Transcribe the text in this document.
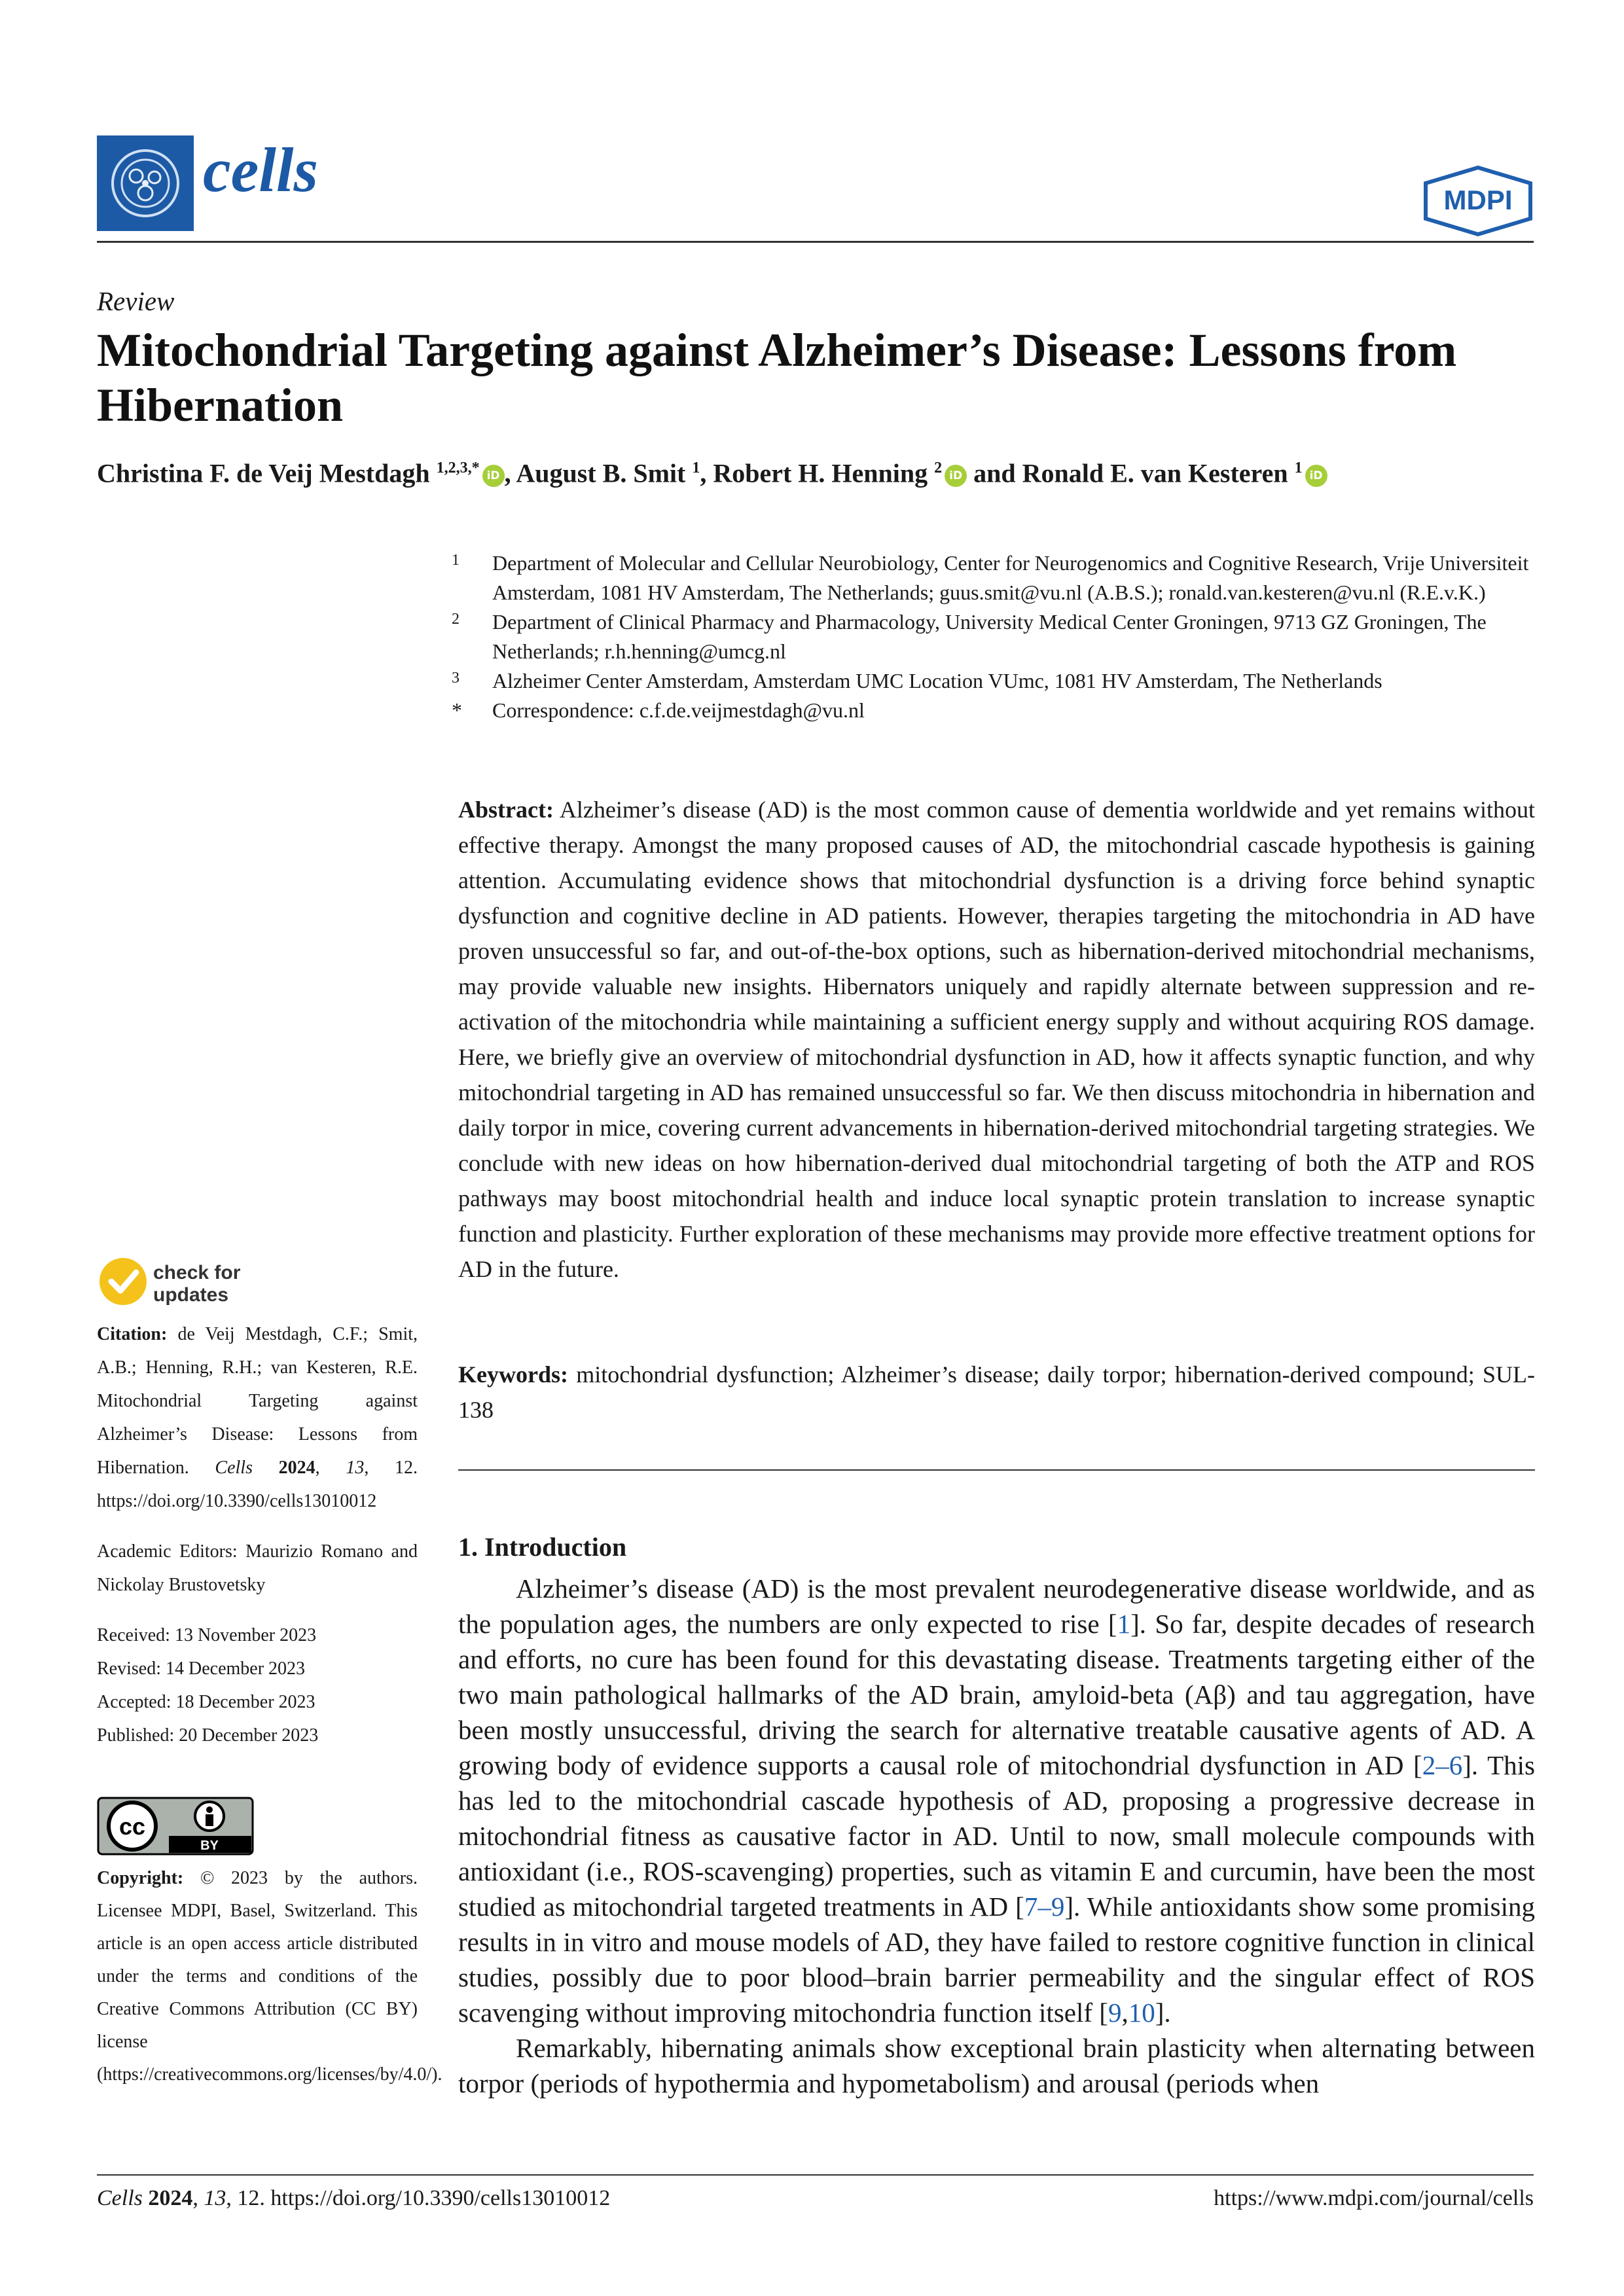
cells	MDPI
Review
Mitochondrial Targeting against Alzheimer’s Disease: Lessons from Hibernation
Christina F. de Veij Mestdagh $^{1,2,3,*}$ iD , August B. Smit $^1$, Robert H. Henning $^2$ iD and Ronald E. van Kesteren $^1$ iD
1 Department of Molecular and Cellular Neurobiology, Center for Neurogenomics and Cognitive Research, Vrije Universiteit Amsterdam, 1081 HV Amsterdam, The Netherlands; guus.smit@vu.nl (A.B.S.); ronald.van.kesteren@vu.nl (R.E.v.K.)
2 Department of Clinical Pharmacy and Pharmacology, University Medical Center Groningen, 9713 GZ Groningen, The Netherlands; r.h.henning@umcg.nl
3 Alzheimer Center Amsterdam, Amsterdam UMC Location VUmc, 1081 HV Amsterdam, The Netherlands
* Correspondence: c.f.de.veijmestdagh@vu.nl
Abstract: Alzheimer’s disease (AD) is the most common cause of dementia worldwide and yet remains without effective therapy. Amongst the many proposed causes of AD, the mitochondrial cascade hypothesis is gaining attention. Accumulating evidence shows that mitochondrial dysfunction is a driving force behind synaptic dysfunction and cognitive decline in AD patients. However, therapies targeting the mitochondria in AD have proven unsuccessful so far, and out-of-the-box options, such as hibernation-derived mitochondrial mechanisms, may provide valuable new insights. Hibernators uniquely and rapidly alternate between suppression and re-activation of the mitochondria while maintaining a sufficient energy supply and without acquiring ROS damage. Here, we briefly give an overview of mitochondrial dysfunction in AD, how it affects synaptic function, and why mitochondrial targeting in AD has remained unsuccessful so far. We then discuss mitochondria in hibernation and daily torpor in mice, covering current advancements in hibernation-derived mitochondrial targeting strategies. We conclude with new ideas on how hibernation-derived dual mitochondrial targeting of both the ATP and ROS pathways may boost mitochondrial health and induce local synaptic protein translation to increase synaptic function and plasticity. Further exploration of these mechanisms may provide more effective treatment options for AD in the future.
Keywords: mitochondrial dysfunction; Alzheimer’s disease; daily torpor; hibernation-derived compound; SUL-138
1. Introduction

Alzheimer’s disease (AD) is the most prevalent neurodegenerative disease worldwide, and as the population ages, the numbers are only expected to rise [1]. So far, despite decades of research and efforts, no cure has been found for this devastating disease. Treatments targeting either of the two main pathological hallmarks of the AD brain, amyloid-beta (Aβ) and tau aggregation, have been mostly unsuccessful, driving the search for alternative treatable causative agents of AD. A growing body of evidence supports a causal role of mitochondrial dysfunction in AD [2–6]. This has led to the mitochondrial cascade hypothesis of AD, proposing a progressive decrease in mitochondrial fitness as causative factor in AD. Until to now, small molecule compounds with antioxidant (i.e., ROS-scavenging) properties, such as vitamin E and curcumin, have been the most studied as mitochondrial targeted treatments in AD [7–9]. While antioxidants show some promising results in in vitro and mouse models of AD, they have failed to restore cognitive function in clinical studies, possibly due to poor blood–brain barrier permeability and the singular effect of ROS scavenging without improving mitochondria function itself [9,10].

Remarkably, hibernating animals show exceptional brain plasticity when alternating between torpor (periods of hypothermia and hypometabolism) and arousal (periods when

check for
updates
Citation: de Veij Mestdagh, C.F.; Smit, A.B.; Henning, R.H.; van Kesteren, R.E. Mitochondrial Targeting against Alzheimer’s Disease: Lessons from Hibernation. Cells 2024, 13, 12. https://doi.org/10.3390/cells13010012
Academic Editors: Maurizio Romano and Nickolay Brustovetsky
Received: 13 November 2023
Revised: 14 December 2023
Accepted: 18 December 2023
Published: 20 December 2023
cc
BY
Copyright: © 2023 by the authors. Licensee MDPI, Basel, Switzerland. This article is an open access article distributed under the terms and conditions of the Creative Commons Attribution (CC BY) license (https://creativecommons.org/licenses/by/4.0/).
Cells 2024, 13, 12. https://doi.org/10.3390/cells13010012	https://www.mdpi.com/journal/cells
